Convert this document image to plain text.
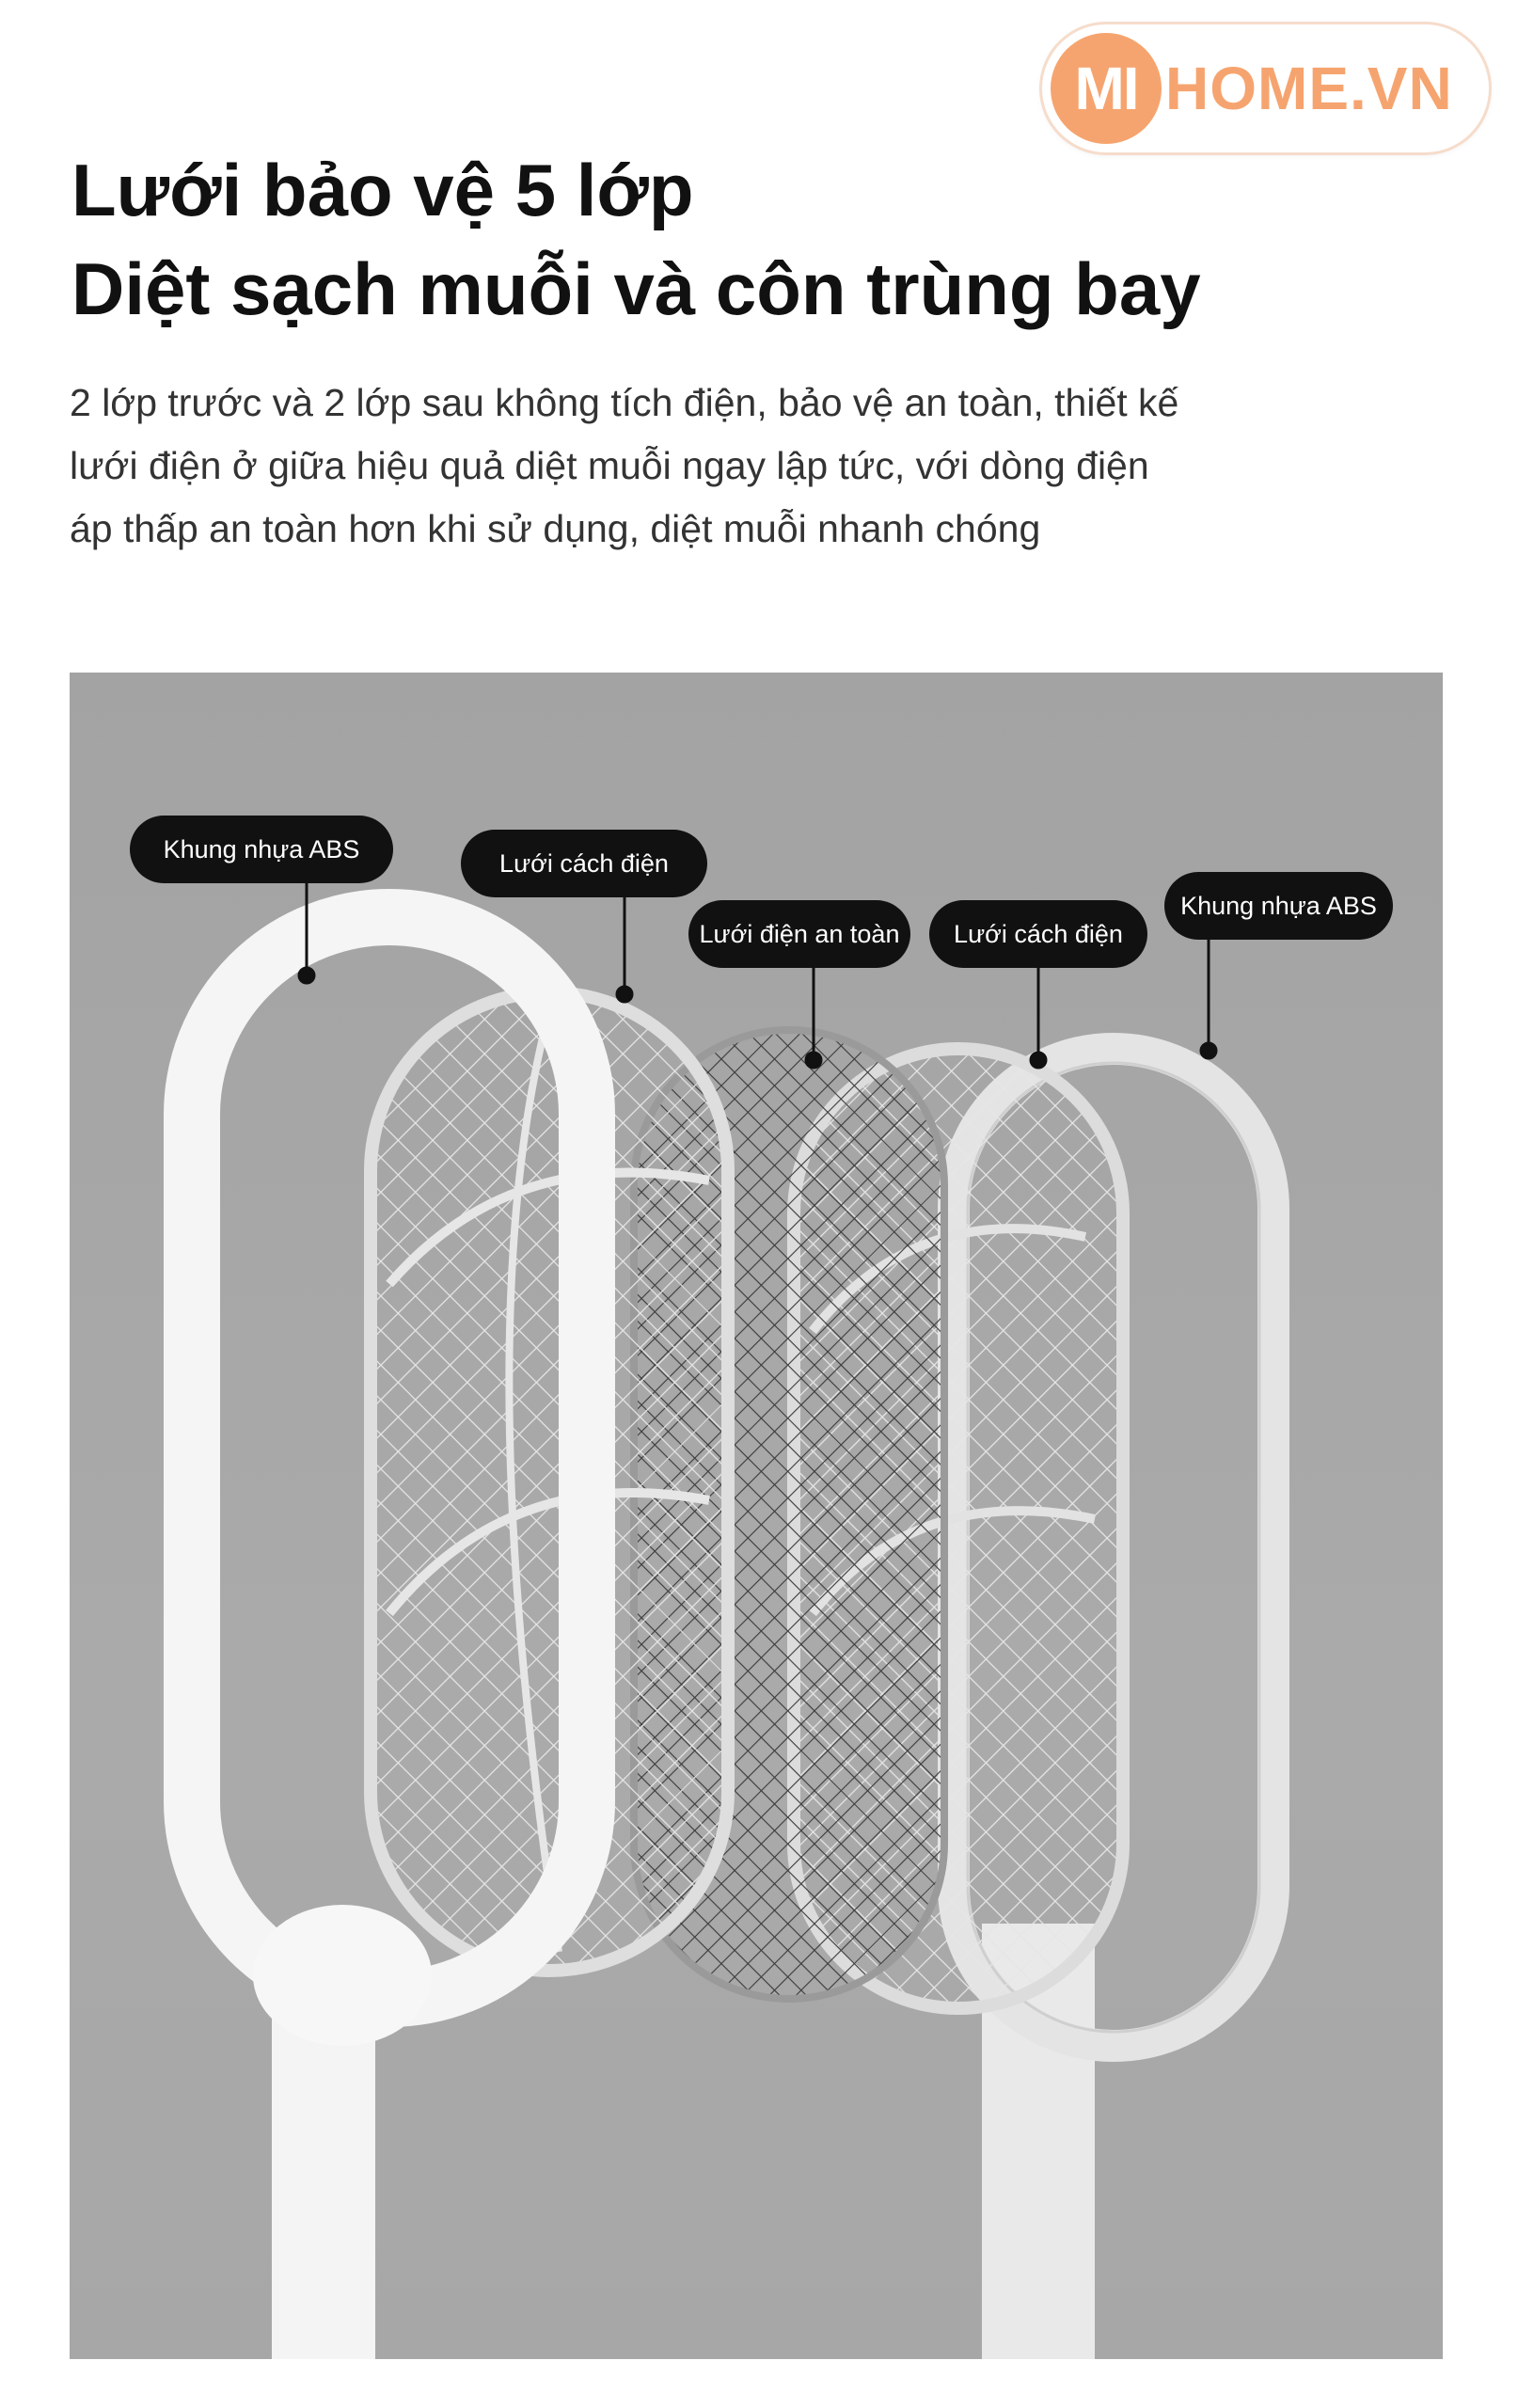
MI HOME.VN
Lưới bảo vệ 5 lớp
Diệt sạch muỗi và côn trùng bay
2 lớp trước và 2 lớp sau không tích điện, bảo vệ an toàn, thiết kế
lưới điện ở giữa hiệu quả diệt muỗi ngay lập tức, với dòng điện
áp thấp an toàn hơn khi sử dụng, diệt muỗi nhanh chóng
Khung nhựa ABS	Lưới cách điện
Lưới điện an toàn	Lưới cách điện
Khung nhựa ABS
